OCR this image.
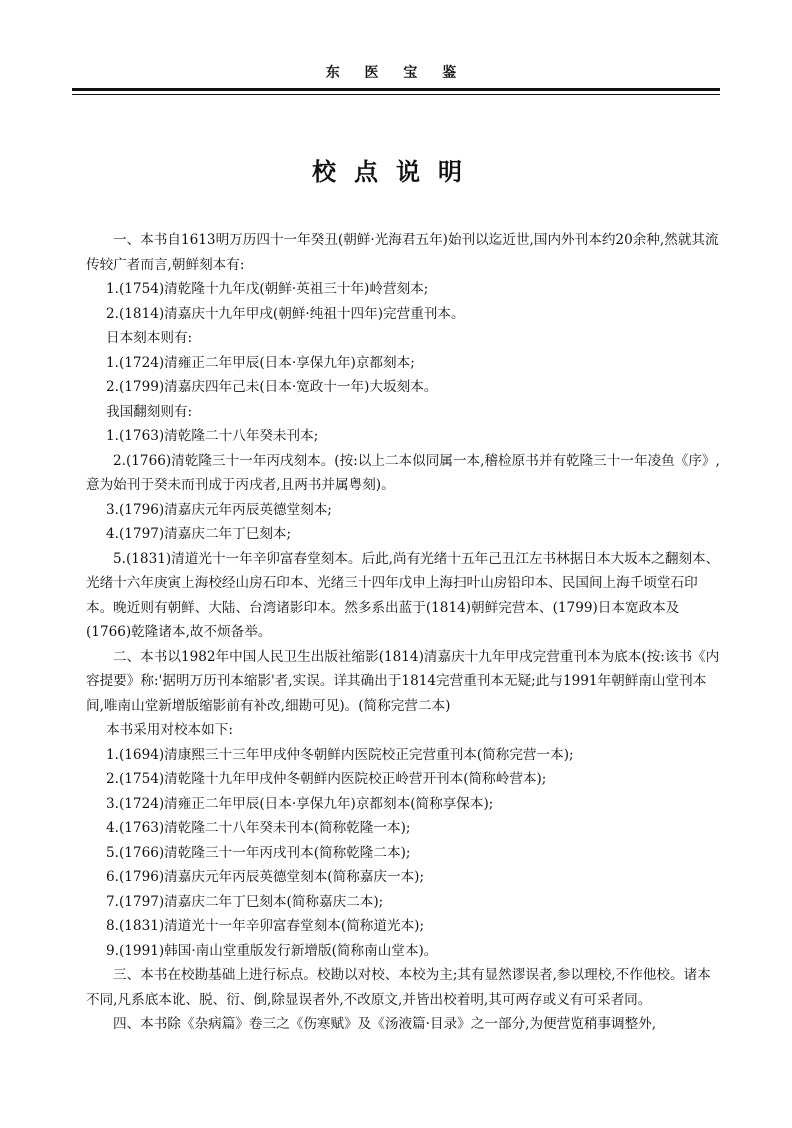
东 医 宝 鉴
校点说明

一、本书自1613明万历四十一年癸丑(朝鲜·光海君五年)始刊以迄近世,国内外刊本约20余种,然就其流传较广者而言,朝鲜刻本有:

1.(1754)清乾隆十九年戊(朝鲜·英祖三十年)岭营刻本;

2.(1814)清嘉庆十九年甲戌(朝鲜·纯祖十四年)完营重刊本。

日本刻本则有:

1.(1724)清雍正二年甲辰(日本·享保九年)京都刻本;

2.(1799)清嘉庆四年己未(日本·宽政十一年)大坂刻本。

我国翻刻则有:

1.(1763)清乾隆二十八年癸未刊本;

2.(1766)清乾隆三十一年丙戌刻本。(按:以上二本似同属一本,稽检原书并有乾隆三十一年凌鱼《序》,意为始刊于癸未而刊成于丙戌者,且两书并属粤刻)。

3.(1796)清嘉庆元年丙辰英德堂刻本;

4.(1797)清嘉庆二年丁巳刻本;

5.(1831)清道光十一年辛卯富春堂刻本。后此,尚有光绪十五年己丑江左书林据日本大坂本之翻刻本、光绪十六年庚寅上海校经山房石印本、光绪三十四年戊申上海扫叶山房铅印本、民国间上海千顷堂石印本。晚近则有朝鲜、大陆、台湾诸影印本。然多系出蓝于(1814)朝鲜完营本、(1799)日本宽政本及(1766)乾隆诸本,故不烦备举。

二、本书以1982年中国人民卫生出版社缩影(1814)清嘉庆十九年甲戌完营重刊本为底本(按:该书《内容提要》称:'据明万历刊本缩影'者,实误。详其确出于1814完营重刊本无疑;此与1991年朝鲜南山堂刊本间,唯南山堂新增版缩影前有补改,细勘可见)。(简称完营二本)

本书采用对校本如下:

1.(1694)清康熙三十三年甲戌仲冬朝鲜内医院校正完营重刊本(简称完营一本);

2.(1754)清乾隆十九年甲戌仲冬朝鲜内医院校正岭营开刊本(简称岭营本);

3.(1724)清雍正二年甲辰(日本·享保九年)京都刻本(简称享保本);

4.(1763)清乾隆二十八年癸未刊本(简称乾隆一本);

5.(1766)清乾隆三十一年丙戌刊本(简称乾隆二本);

6.(1796)清嘉庆元年丙辰英德堂刻本(简称嘉庆一本);

7.(1797)清嘉庆二年丁巳刻本(简称嘉庆二本);

8.(1831)清道光十一年辛卯富春堂刻本(简称道光本);

9.(1991)韩国·南山堂重版发行新增版(简称南山堂本)。

三、本书在校勘基础上进行标点。校勘以对校、本校为主;其有显然谬误者,参以理校,不作他校。诸本不同,凡系底本讹、脱、衍、倒,除显误者外,不改原文,并皆出校着明,其可两存或义有可采者同。

四、本书除《杂病篇》卷三之《伤寒赋》及《汤液篇·目录》之一部分,为便营览稍事调整外,
